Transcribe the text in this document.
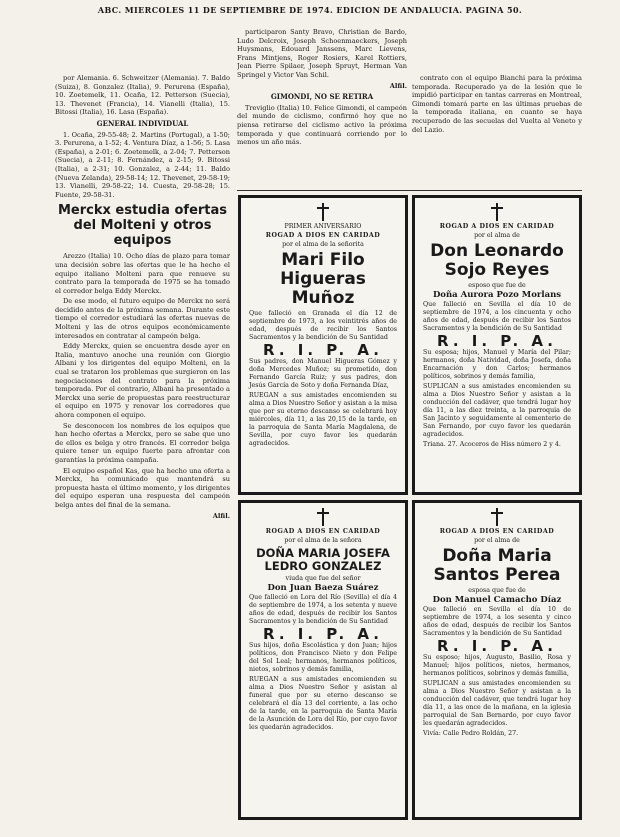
ABC. MIERCOLES 11 DE SEPTIEMBRE DE 1974. EDICION DE ANDALUCIA. PAGINA 50.

por Alemania. 6. Schweitzer (Alemania). 7. Baldo (Suiza), 8. Gonzalez (Italia), 9. Perurena (España), 10. Zoetemelk, 11. Ocaña, 12. Petterson (Suecia), 13. Thevenet (Francia), 14. Vianelli (Italia), 15. Bitossi (Italia), 16. Lasa (España).

GENERAL INDIVIDUAL

1. Ocaña, 29-55-48; 2. Martins (Portugal), a 1-50; 3. Perurena, a 1-52; 4. Ventura Díaz, a 1-56; 5. Lasa (España), a 2-01; 6. Zoetemelk, a 2-04; 7. Petterson (Suecia), a 2-11; 8. Fernández, a 2-15; 9. Bitossi (Italia), a 2-31; 10. Gonzalez, a 2-44; 11. Baldo (Nueva Zelanda), 29-58-14; 12. Thevenet, 29-58-19; 13. Vianelli, 29-58-22; 14. Cuesta, 29-58-28; 15. Fuente, 29-58-31.

Merckx estudia ofertas del Molteni y otros equipos

Arezzo (Italia) 10. Ocho días de plazo para tomar una decisión sobre las ofertas que le ha hecho el equipo italiano Molteni para que renueve su contrato para la temporada de 1975 se ha tomado el corredor belga Eddy Merckx.

De ese modo, el futuro equipo de Merckx no será decidido antes de la próxima semana. Durante este tiempo el corredor estudiará las ofertas nuevas de Molteni y las de otros equipos económicamente interesados en contratar al campeón belga.

Eddy Merckx, quien se encuentra desde ayer en Italia, mantuvo anoche una reunión con Giorgio Albani y los dirigentes del equipo Molteni, en la cual se trataron los problemas que surgieron en las negociaciones del contrato para la próxima temporada. Por el contrario, Albani ha presentado a Merckx una serie de propuestas para reestructurar el equipo en 1975 y renovar los corredores que ahora componen el equipo.

Se desconocen los nombres de los equipos que han hecho ofertas a Merckx, pero se sabe que uno de ellos es belga y otro francés. El corredor belga quiere tener un equipo fuerte para afrontar con garantías la próxima campaña.

El equipo español Kas, que ha hecho una oferta a Merckx, ha comunicado que mantendrá su propuesta hasta el último momento, y los dirigentes del equipo esperan una respuesta del campeón belga antes del final de la semana.

Alfil.

participaron Santy Bravo, Christian de Bardo, Ludo Delcroix, Joseph Schoenmaeckers, Joseph Huysmans, Edouard Janssens, Marc Lievens, Frans Mintjens, Roger Rosiers, Karel Rottiers, Jean Pierre Spilaer, Joseph Spruyt, Herman Van Springel y Victor Van Schil.

Alfil.

GIMONDI, NO SE RETIRA

Treviglio (Italia) 10. Felice Gimondi, el campeón del mundo de ciclismo, confirmó hoy que no piensa retirarse del ciclismo activo la próxima temporada y que continuará corriendo por lo menos un año más.

contrato con el equipo Bianchi para la próxima temporada. Recuperado ya de la lesión que le impidió participar en tantas carreras en Montreal, Gimondi tomará parte en las últimas pruebas de la temporada italiana, en cuanto se haya recuperado de las secuelas del Vuelta al Veneto y del Lazio.

PRIMER ANIVERSARIO
ROGAD A DIOS EN CARIDAD
por el alma de la señorita
Mari Filo Higueras Muñoz
Que falleció en Granada el día 12 de septiembre de 1973, a los veintitrés años de edad, después de recibir los Santos Sacramentos y la bendición de Su Santidad
R. I. P. A.
Sus padres, don Manuel Higueras Gómez y doña Mercedes Muñoz; su prometido, don Fernando García Ruiz; y sus padres, don Jesús García de Soto y doña Fernanda Díaz,
RUEGAN a sus amistades encomienden su alma a Dios Nuestro Señor y asistan a la misa que por su eterno descanso se celebrará hoy miércoles, día 11, a las 20,15 de la tarde, en la parroquia de Santa María Magdalena, de Sevilla, por cuyo favor les quedarán agradecidos.
ROGAD A DIOS EN CARIDAD
por el alma de
Don Leonardo Sojo Reyes
esposo que fue de
Doña Aurora Pozo Morlans
Que falleció en Sevilla el día 10 de septiembre de 1974, a los cincuenta y ocho años de edad, después de recibir los Santos Sacramentos y la bendición de Su Santidad
R. I. P. A.
Su esposa; hijos, Manuel y María del Pilar; hermanos, doña Natividad, doña Josefa, doña Encarnación y don Carlos; hermanos políticos, sobrinos y demás familia,
SUPLICAN a sus amistades encomienden su alma a Dios Nuestro Señor y asistan a la conducción del cadáver, que tendrá lugar hoy día 11, a las diez treinta, a la parroquia de San Jacinto y seguidamente al cementerio de San Fernando, por cuyo favor les quedarán agradecidos.
Triana. 27. Acoceros de Hiss número 2 y 4.
ROGAD A DIOS EN CARIDAD
por el alma de la señora
DOÑA MARIA JOSEFA LEDRO GONZALEZ
viuda que fue del señor
Don Juan Baeza Suárez
Que falleció en Lora del Río (Sevilla) el día 4 de septiembre de 1974, a los setenta y nueve años de edad, después de recibir los Santos Sacramentos y la bendición de Su Santidad
R. I. P. A.
Sus hijos, doña Escolástica y don Juan; hijos políticos, don Francisco Nieto y don Felipe del Sol Leal; hermanos, hermanos políticos, nietos, sobrinos y demás familia,
RUEGAN a sus amistades encomienden su alma a Dios Nuestro Señor y asistan al funeral que por su eterno descanso se celebrará el día 13 del corriente, a las ocho de la tarde, en la parroquia de Santa María de la Asunción de Lora del Río, por cuyo favor les quedarán agradecidos.
ROGAD A DIOS EN CARIDAD
por el alma de
Doña Maria Santos Perea
esposa que fue de
Don Manuel Camacho Díaz
Que falleció en Sevilla el día 10 de septiembre de 1974, a los sesenta y cinco años de edad, después de recibir los Santos Sacramentos y la bendición de Su Santidad
R. I. P. A.
Su esposo; hijos, Augusto, Basilio, Rosa y Manuel; hijos políticos, nietos, hermanos, hermanos políticos, sobrinos y demás familia,
SUPLICAN a sus amistades encomienden su alma a Dios Nuestro Señor y asistan a la conducción del cadáver, que tendrá lugar hoy día 11, a las once de la mañana, en la iglesia parroquial de San Bernardo, por cuyo favor les quedarán agradecidos.
Vivía: Calle Pedro Roldán, 27.
